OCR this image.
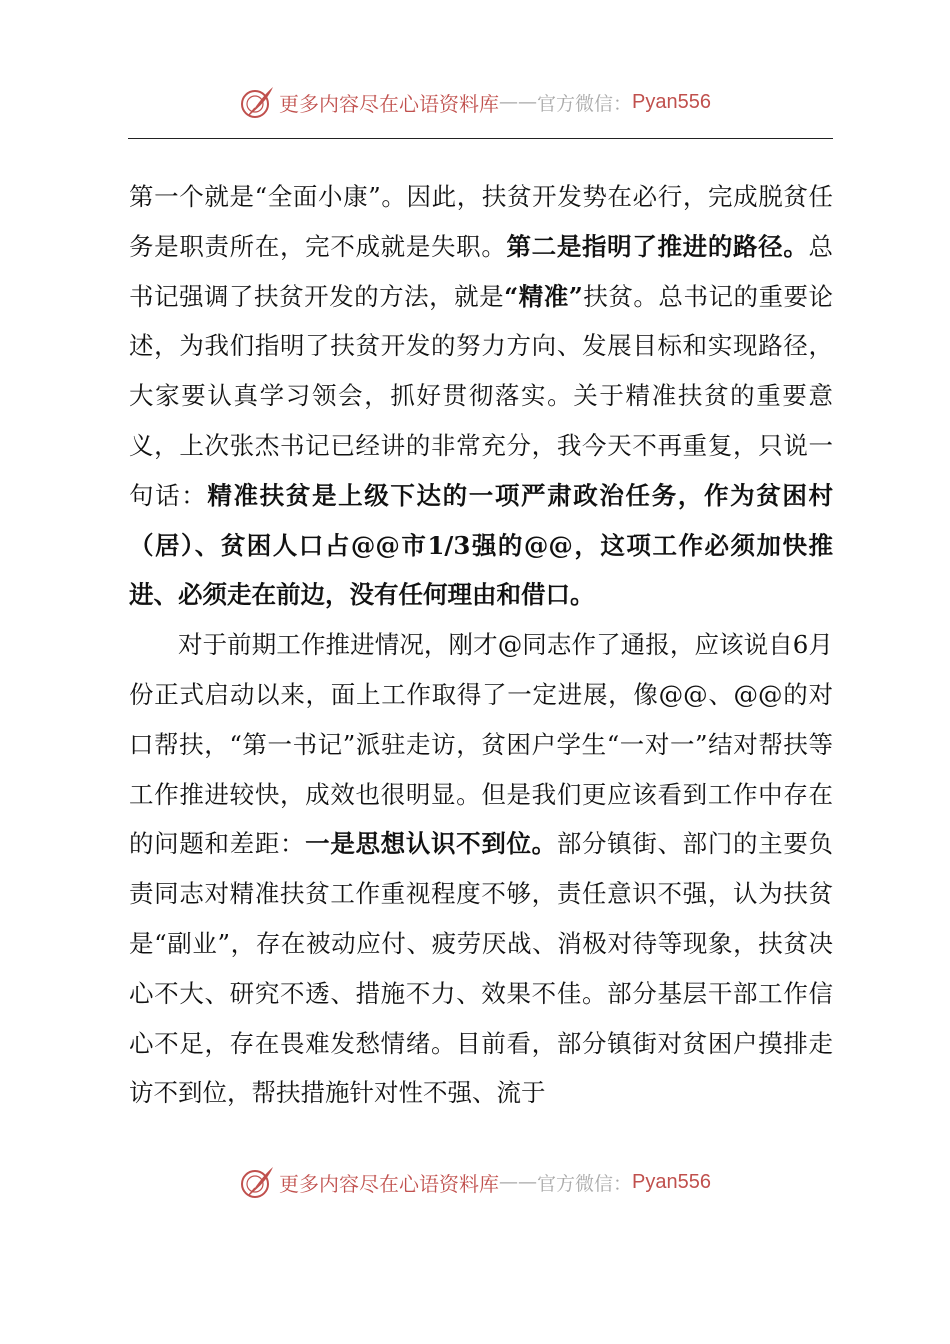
更多内容尽在心语资料库 —— 官方微信： Pyan556

第一个就是“全面小康”。因此，扶贫开发势在必行，完成脱贫任务是职责所在，完不成就是失职。第二是指明了推进的路径。总书记强调了扶贫开发的方法，就是“精准”扶贫。总书记的重要论述，为我们指明了扶贫开发的努力方向、发展目标和实现路径，大家要认真学习领会，抓好贯彻落实。关于精准扶贫的重要意义，上次张杰书记已经讲的非常充分，我今天不再重复，只说一句话：精准扶贫是上级下达的一项严肃政治任务，作为贫困村（居）、贫困人口占@@市1/3强的@@，这项工作必须加快推进、必须走在前边，没有任何理由和借口。

对于前期工作推进情况，刚才@同志作了通报，应该说自6月份正式启动以来，面上工作取得了一定进展，像@@、@@的对口帮扶，“第一书记”派驻走访，贫困户学生“一对一”结对帮扶等工作推进较快，成效也很明显。但是我们更应该看到工作中存在的问题和差距：一是思想认识不到位。部分镇街、部门的主要负责同志对精准扶贫工作重视程度不够，责任意识不强，认为扶贫是“副业”，存在被动应付、疲劳厌战、消极对待等现象，扶贫决心不大、研究不透、措施不力、效果不佳。部分基层干部工作信心不足，存在畏难发愁情绪。目前看，部分镇街对贫困户摸排走访不到位，帮扶措施针对性不强、流于

更多内容尽在心语资料库 —— 官方微信： Pyan556
